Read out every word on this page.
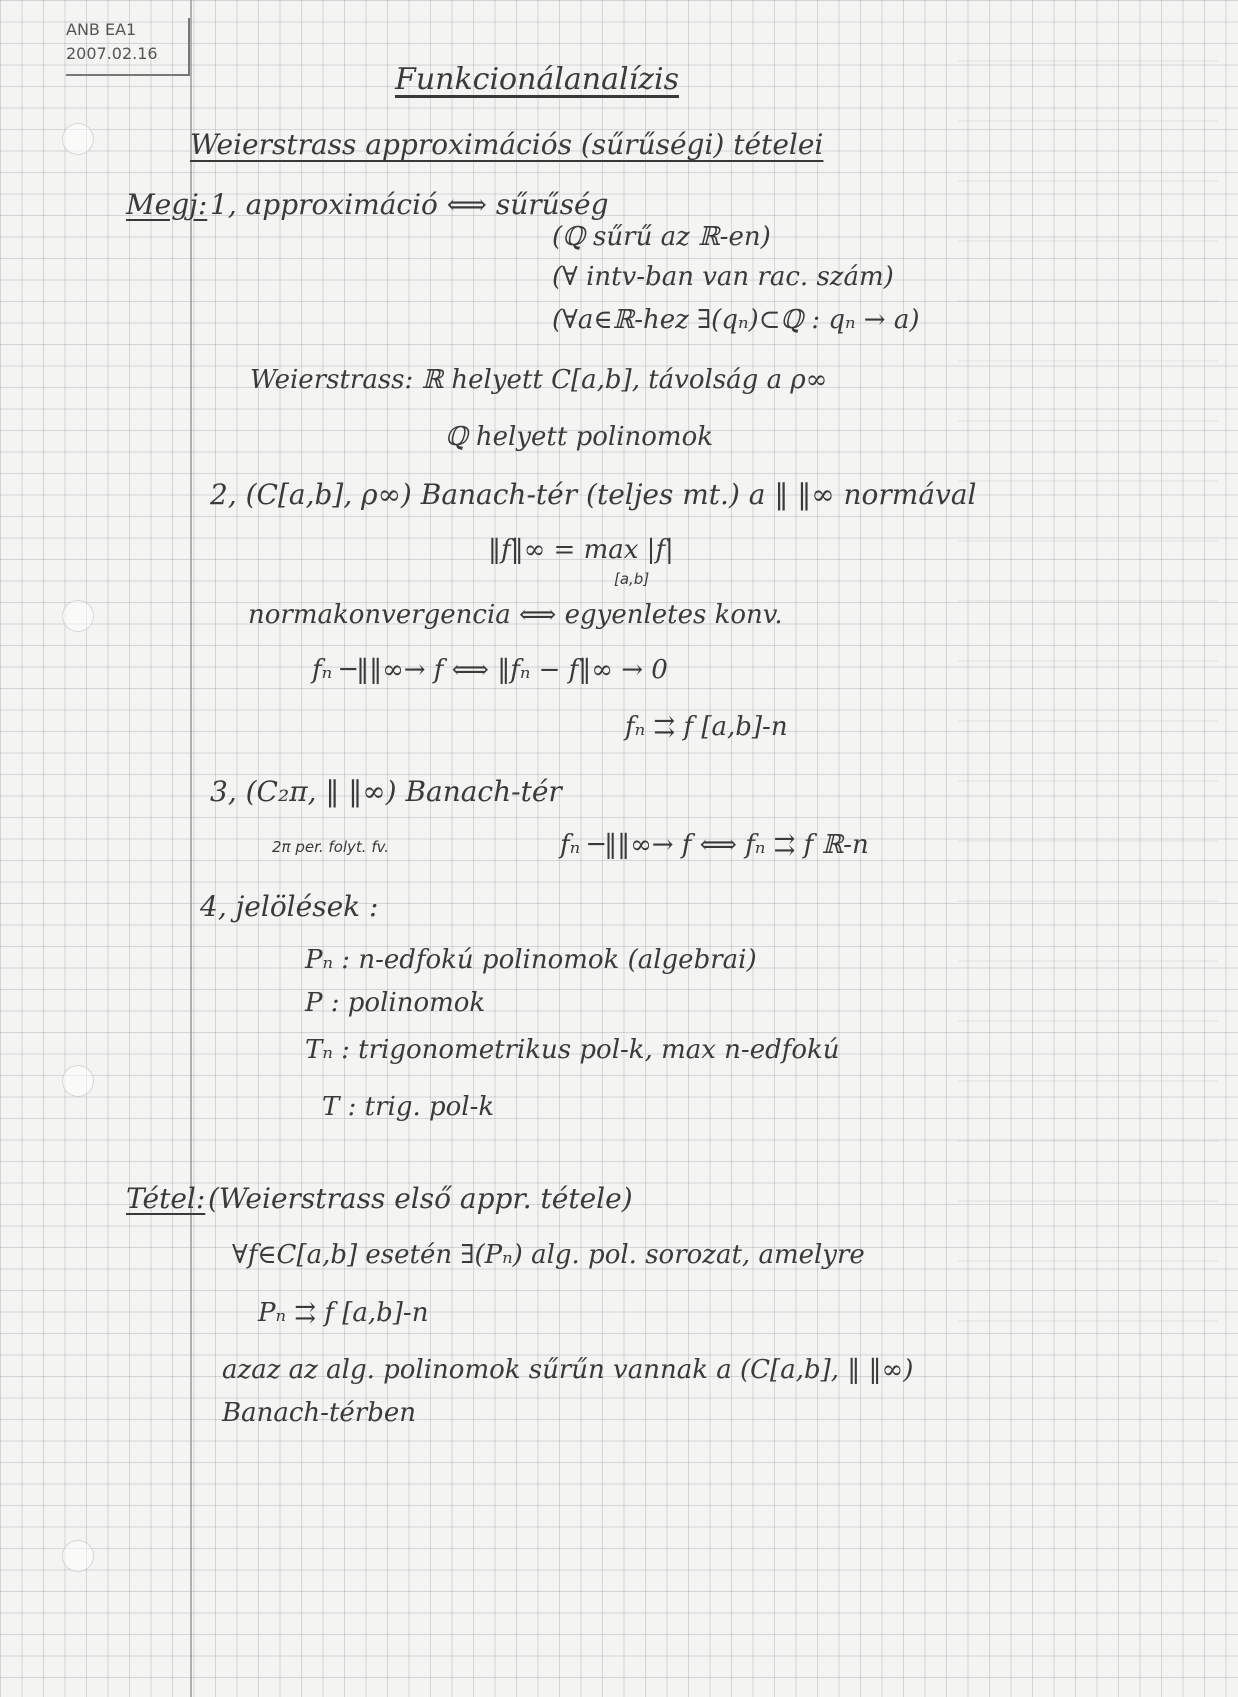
ANB EA1
2007.02.16
Funkcionálanalízis
Weierstrass approximációs (sűrűségi) tételei
Megj: 1, approximáció ⟺ sűrűség
(ℚ sűrű az ℝ-en)
(∀ intv-ban van rac. szám)
(∀a∈ℝ-hez ∃(qₙ)⊂ℚ : qₙ → a)
Weierstrass: ℝ helyett C[a,b], távolság a ρ∞
ℚ helyett polinomok
2, (C[a,b], ρ∞) Banach-tér (teljes mt.) a ‖ ‖∞ normával
‖f‖∞ = max |f|
[a,b]
normakonvergencia ⟺ egyenletes konv.
fₙ ─‖‖∞→ f ⟺ ‖fₙ − f‖∞ → 0
fₙ ⇉ f [a,b]-n
3, (C₂π, ‖ ‖∞) Banach-tér
2π per. folyt. fv.	fₙ ─‖‖∞→ f ⟺ fₙ ⇉ f ℝ-n
4, jelölések :
Pₙ : n-edfokú polinomok (algebrai)
P : polinomok
Tₙ : trigonometrikus pol-k, max n-edfokú
T : trig. pol-k
Tétel: (Weierstrass első appr. tétele)
∀f∈C[a,b] esetén ∃(Pₙ) alg. pol. sorozat, amelyre
Pₙ ⇉ f [a,b]-n
azaz az alg. polinomok sűrűn vannak a (C[a,b], ‖ ‖∞)
Banach-térben
